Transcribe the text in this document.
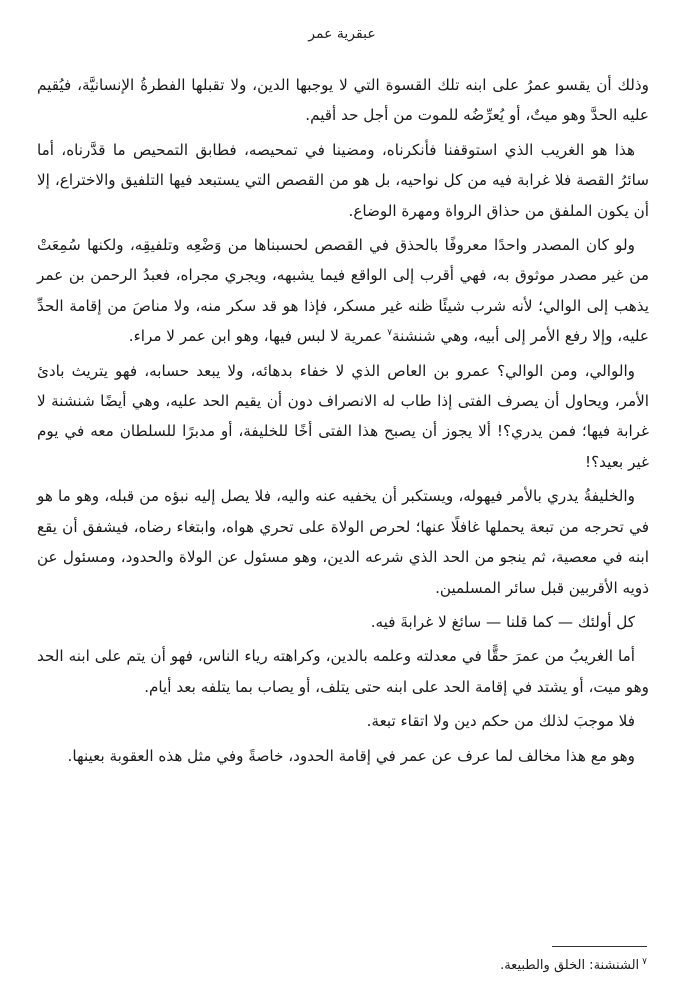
عبقرية عمر

وذلك أن يقسو عمرُ على ابنه تلك القسوة التي لا يوجبها الدين، ولا تقبلها الفطرةُ الإنسانيَّة، فيُقيم عليه الحدَّ وهو ميتٌ، أو يُعرِّضُه للموت من أجل حد أقيم.

هذا هو الغريب الذي استوقفنا فأنكرناه، ومضينا في تمحيصه، فطابق التمحيص ما قدَّرناه، أما سائرُ القصة فلا غرابة فيه من كل نواحيه، بل هو من القصص التي يستبعد فيها التلفيق والاختراع، إلا أن يكون الملفق من حذاق الرواة ومهرة الوضاع.

ولو كان المصدر واحدًا معروفًا بالحذق في القصص لحسبناها من وَضْعِه وتلفيقِه، ولكنها سُمِعَتْ من غير مصدر موثوق به، فهي أقرب إلى الواقع فيما يشبهه، ويجري مجراه، فعبدُ الرحمن بن عمر يذهب إلى الوالي؛ لأنه شرب شيئًا ظنه غير مسكر، فإذا هو قد سكر منه، ولا مناصَ من إقامة الحدِّ عليه، وإلا رفع الأمر إلى أبيه، وهي شنشنة$^٧$ عمرية لا لبس فيها، وهو ابن عمر لا مراء.

والوالي، ومن الوالي؟ عمرو بن العاص الذي لا خفاء بدهائه، ولا يبعد حسابه، فهو يتريث بادئ الأمر، ويحاول أن يصرف الفتى إذا طاب له الانصراف دون أن يقيم الحد عليه، وهي أيضًا شنشنة لا غرابة فيها؛ فمن يدري؟! ألا يجوز أن يصبح هذا الفتى أخًا للخليفة، أو مدبرًا للسلطان معه في يوم غير بعيد؟!

والخليفةُ يدري بالأمر فيهوله، ويستكبر أن يخفيه عنه واليه، فلا يصل إليه نبؤه من قبله، وهو ما هو في تحرجه من تبعة يحملها غافلًا عنها؛ لحرص الولاة على تحري هواه، وابتغاء رضاه، فيشفق أن يقع ابنه في معصية، ثم ينجو من الحد الذي شرعه الدين، وهو مسئول عن الولاة والحدود، ومسئول عن ذويه الأقربين قبل سائر المسلمين.

كل أولئك — كما قلنا — سائغ لا غرابةَ فيه.

أما الغريبُ من عمرَ حقًّا في معدلته وعلمه بالدين، وكراهته رياء الناس، فهو أن يتم على ابنه الحد وهو ميت، أو يشتد في إقامة الحد على ابنه حتى يتلف، أو يصاب بما يتلفه بعد أيام.

فلا موجبَ لذلك من حكم دين ولا اتقاء تبعة.

وهو مع هذا مخالف لما عرف عن عمر في إقامة الحدود، خاصةً وفي مثل هذه العقوبة بعينها.

$^٧$الشنشنة: الخلق والطبيعة.
